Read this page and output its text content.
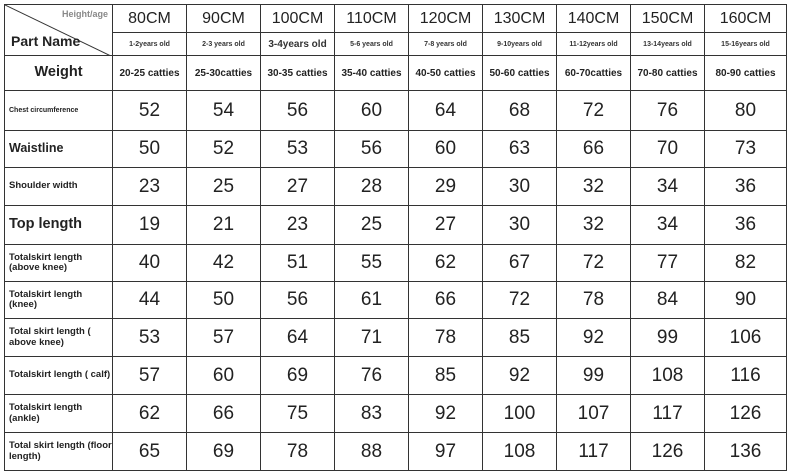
Height/age
Part Name	80CM	90CM	100CM	110CM	120CM	130CM	140CM	150CM	160CM
	1-2years old	2-3 years old	3-4years old	5-6 years old	7-8 years old	9-10years old	11-12years old	13-14years old	15-16years old
Weight	20-25 catties	25-30catties	30-35 catties	35-40 catties	40-50 catties	50-60 catties	60-70catties	70-80 catties	80-90 catties
Chest circumference	52	54	56	60	64	68	72	76	80
Waistline	50	52	53	56	60	63	66	70	73
Shoulder width	23	25	27	28	29	30	32	34	36
Top length	19	21	23	25	27	30	32	34	36
Totalskirt length (above knee)	40	42	51	55	62	67	72	77	82
Totalskirt length (knee)	44	50	56	61	66	72	78	84	90
Total skirt length ( above knee)	53	57	64	71	78	85	92	99	106
Totalskirt length ( calf)	57	60	69	76	85	92	99	108	116
Totalskirt length (ankle)	62	66	75	83	92	100	107	117	126
Total skirt length (floor length)	65	69	78	88	97	108	117	126	136
